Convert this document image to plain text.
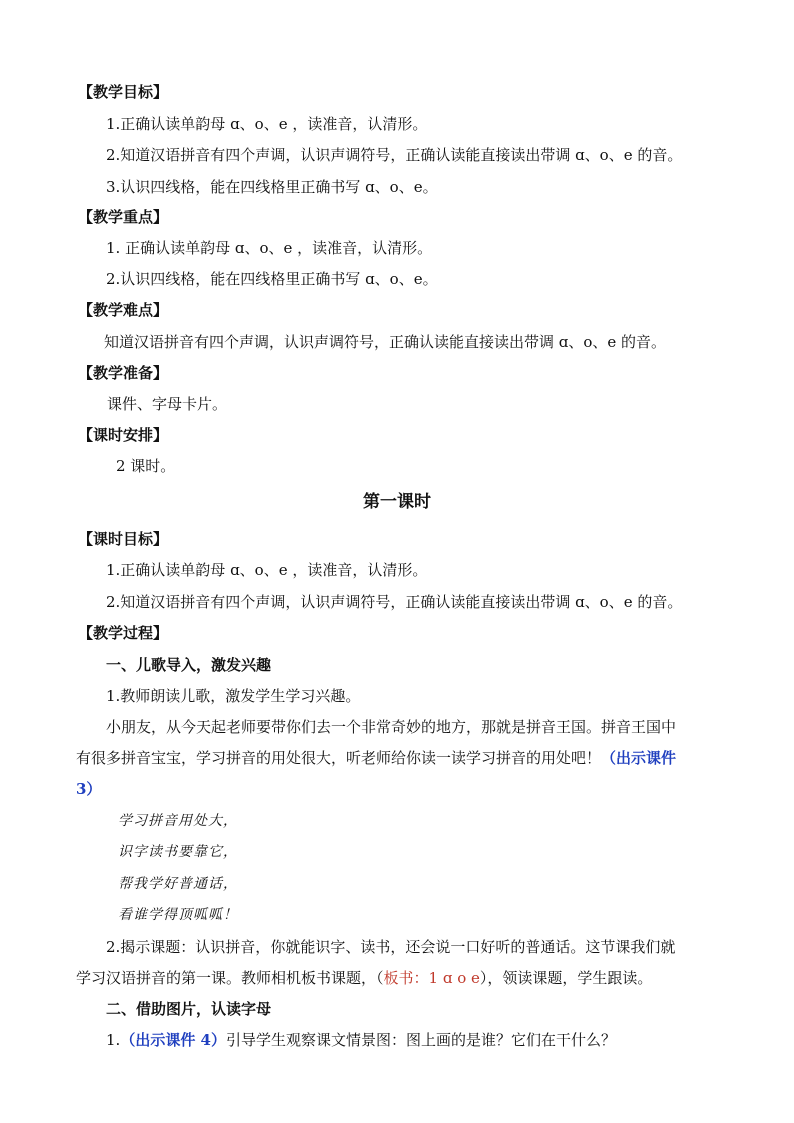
【教学目标】
1.正确认读单韵母 ɑ、o、e ，读准音，认清形。
2.知道汉语拼音有四个声调，认识声调符号，正确认读能直接读出带调 ɑ、o、e 的音。
3.认识四线格，能在四线格里正确书写 ɑ、o、e。
【教学重点】
1. 正确认读单韵母 ɑ、o、e ，读准音，认清形。
2.认识四线格，能在四线格里正确书写 ɑ、o、e。
【教学难点】
知道汉语拼音有四个声调，认识声调符号，正确认读能直接读出带调 ɑ、o、e 的音。
【教学准备】
课件、字母卡片。
【课时安排】
2 课时。
第一课时
【课时目标】
1.正确认读单韵母 ɑ、o、e ，读准音，认清形。
2.知道汉语拼音有四个声调，认识声调符号，正确认读能直接读出带调 ɑ、o、e 的音。
【教学过程】
一、儿歌导入，激发兴趣
1.教师朗读儿歌，激发学生学习兴趣。
小朋友，从今天起老师要带你们去一个非常奇妙的地方，那就是拼音王国。拼音王国中
有很多拼音宝宝，学习拼音的用处很大，听老师给你读一读学习拼音的用处吧！（出示课件
3）
学习拼音用处大，
识字读书要靠它，
帮我学好普通话，
看谁学得顶呱呱！
2.揭示课题：认识拼音，你就能识字、读书，还会说一口好听的普通话。这节课我们就
学习汉语拼音的第一课。教师相机板书课题，（板书：1 ɑ o e），领读课题，学生跟读。
二、借助图片，认读字母
1.（出示课件 4）引导学生观察课文情景图：图上画的是谁？它们在干什么？
